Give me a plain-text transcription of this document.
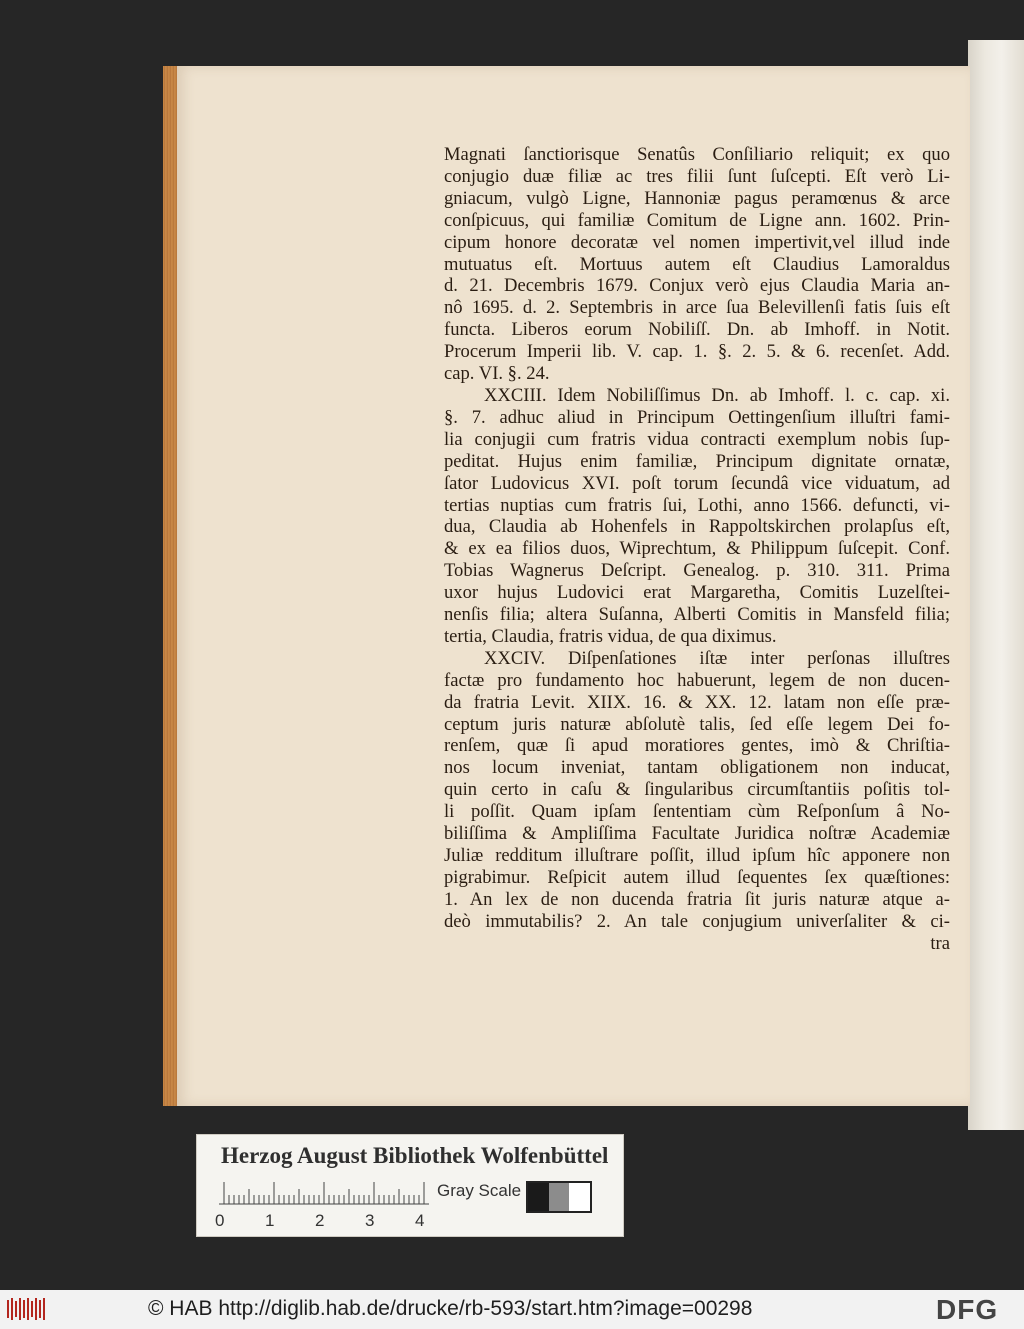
Magnati ſanctiorisque Senatûs Conſiliario reliquit; ex quo
conjugio duæ filiæ ac tres filii ſunt ſuſcepti. Eſt verò Li-
gniacum, vulgò Ligne, Hannoniæ pagus peramœnus & arce
conſpicuus, qui familiæ Comitum de Ligne ann. 1602. Prin-
cipum honore decoratæ vel nomen impertivit,vel illud inde
mutuatus eſt. Mortuus autem eſt Claudius Lamoraldus
d. 21. Decembris 1679. Conjux verò ejus Claudia Maria an-
nô 1695. d. 2. Septembris in arce ſua Belevillenſi fatis ſuis eſt
functa. Liberos eorum Nobiliſſ. Dn. ab Imhoff. in Notit.
Procerum Imperii lib. V. cap. 1. §. 2. 5. & 6. recenſet. Add.
cap. VI. §. 24.
XXCIII. Idem Nobiliſſimus Dn. ab Imhoff. l. c. cap. xi.
§. 7. adhuc aliud in Principum Oettingenſium illuſtri fami-
lia conjugii cum fratris vidua contracti exemplum nobis ſup-
peditat. Hujus enim familiæ, Principum dignitate ornatæ,
ſator Ludovicus XVI. poſt torum ſecundâ vice viduatum, ad
tertias nuptias cum fratris ſui, Lothi, anno 1566. defuncti, vi-
dua, Claudia ab Hohenfels in Rappoltskirchen prolapſus eſt,
& ex ea filios duos, Wiprechtum, & Philippum ſuſcepit. Conf.
Tobias Wagnerus Deſcript. Genealog. p. 310. 311. Prima
uxor hujus Ludovici erat Margaretha, Comitis Luzelſtei-
nenſis filia; altera Suſanna, Alberti Comitis in Mansfeld filia;
tertia, Claudia, fratris vidua, de qua diximus.
XXCIV. Diſpenſationes iſtæ inter perſonas illuſtres
factæ pro fundamento hoc habuerunt, legem de non ducen-
da fratria Levit. XIIX. 16. & XX. 12. latam non eſſe præ-
ceptum juris naturæ abſolutè talis, ſed eſſe legem Dei fo-
renſem, quæ ſi apud moratiores gentes, imò & Chriſtia-
nos locum inveniat, tantam obligationem non inducat,
quin certo in caſu & ſingularibus circumſtantiis poſitis tol-
li poſſit. Quam ipſam ſententiam cùm Reſponſum â No-
biliſſima & Ampliſſima Facultate Juridica noſtræ Academiæ
Juliæ redditum illuſtrare poſſit, illud ipſum hîc apponere non
pigrabimur. Reſpicit autem illud ſequentes ſex quæſtiones:
1. An lex de non ducenda fratria ſit juris naturæ atque a-
deò immutabilis? 2. An tale conjugium univerſaliter & ci-
tra
Herzog August Bibliothek Wolfenbüttel
0 1 2 3 4
Gray Scale
© HAB http://diglib.hab.de/drucke/rb-593/start.htm?image=00298	DFG
